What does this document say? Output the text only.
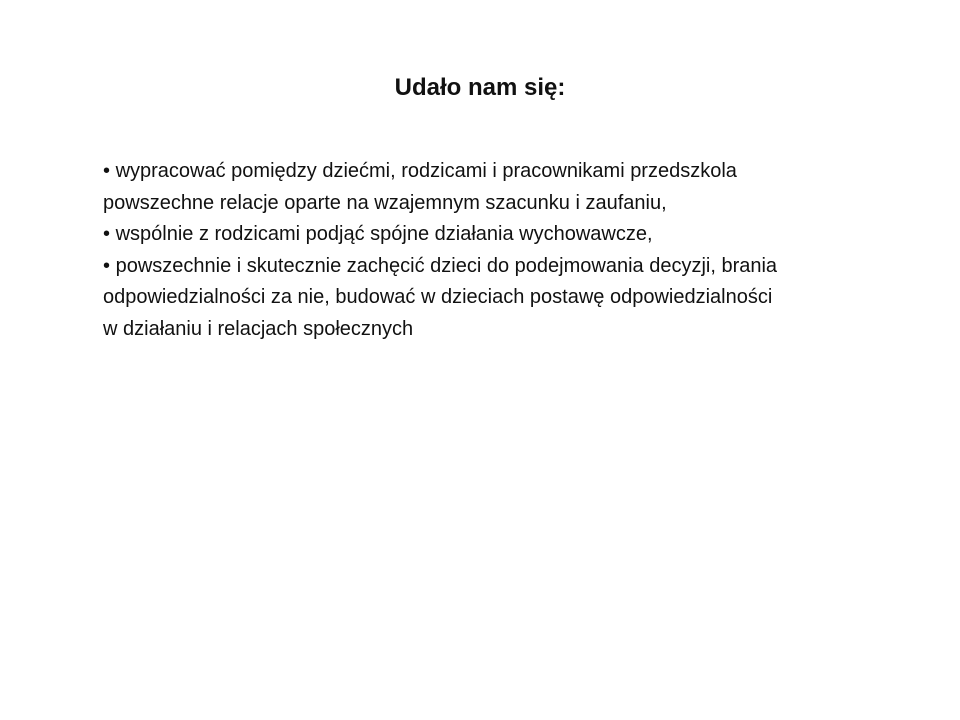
Udało nam się:

• wypracować pomiędzy dziećmi, rodzicami i pracownikami przedszkola powszechne relacje oparte na wzajemnym szacunku i zaufaniu,

• wspólnie z rodzicami podjąć spójne działania wychowawcze,

• powszechnie i skutecznie zachęcić dzieci do podejmowania decyzji, brania odpowiedzialności za nie, budować w dzieciach postawę odpowiedzialności w działaniu i relacjach społecznych
